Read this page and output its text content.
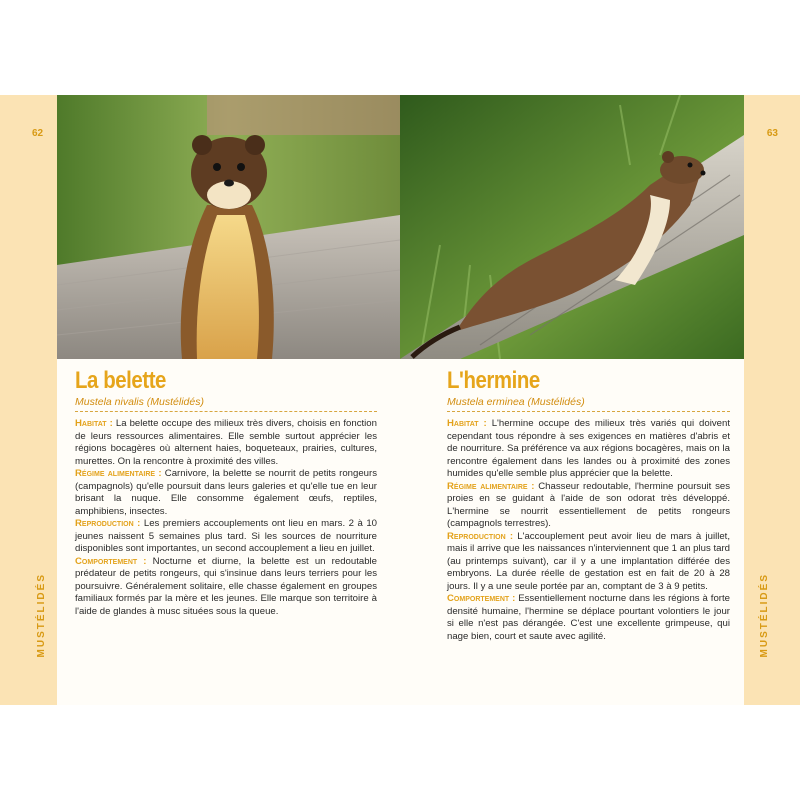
62
MUSTÉLIDÉS
La belette
Mustela nivalis (Mustélidés)
Habitat : La belette occupe des milieux très divers, choisis en fonction de leurs ressources alimentaires. Elle semble surtout apprécier les régions bocagères où alternent haies, boqueteaux, prairies, cultures, murettes. On la rencontre à proximité des villes.
Régime alimentaire : Carnivore, la belette se nourrit de petits rongeurs (campagnols) qu'elle poursuit dans leurs galeries et qu'elle tue en leur brisant la nuque. Elle consomme également œufs, reptiles, amphibiens, insectes.
Reproduction : Les premiers accouplements ont lieu en mars. 2 à 10 jeunes naissent 5 semaines plus tard. Si les sources de nourriture disponibles sont importantes, un second accouplement a lieu en juillet.
Comportement : Nocturne et diurne, la belette est un redoutable prédateur de petits rongeurs, qui s'insinue dans leurs terriers pour les poursuivre. Généralement solitaire, elle chasse également en groupes familiaux formés par la mère et les jeunes. Elle marque son territoire à l'aide de glandes à musc situées sous la queue.
L'hermine
Mustela erminea (Mustélidés)
Habitat : L'hermine occupe des milieux très variés qui doivent cependant tous répondre à ses exigences en matières d'abris et de nourriture. Sa préférence va aux régions bocagères, mais on la rencontre également dans les landes ou à proximité des zones humides qu'elle semble plus apprécier que la belette.
Régime alimentaire : Chasseur redoutable, l'hermine poursuit ses proies en se guidant à l'aide de son odorat très développé. L'hermine se nourrit essentiellement de petits rongeurs (campagnols terrestres).
Reproduction : L'accouplement peut avoir lieu de mars à juillet, mais il arrive que les naissances n'interviennent que 1 an plus tard (au printemps suivant), car il y a une implantation différée des embryons. La durée réelle de gestation est en fait de 20 à 28 jours. Il y a une seule portée par an, comptant de 3 à 9 petits.
Comportement : Essentiellement nocturne dans les régions à forte densité humaine, l'hermine se déplace pourtant volontiers le jour si elle n'est pas dérangée. C'est une excellente grimpeuse, qui nage bien, court et saute avec agilité.
63
MUSTÉLIDÉS
